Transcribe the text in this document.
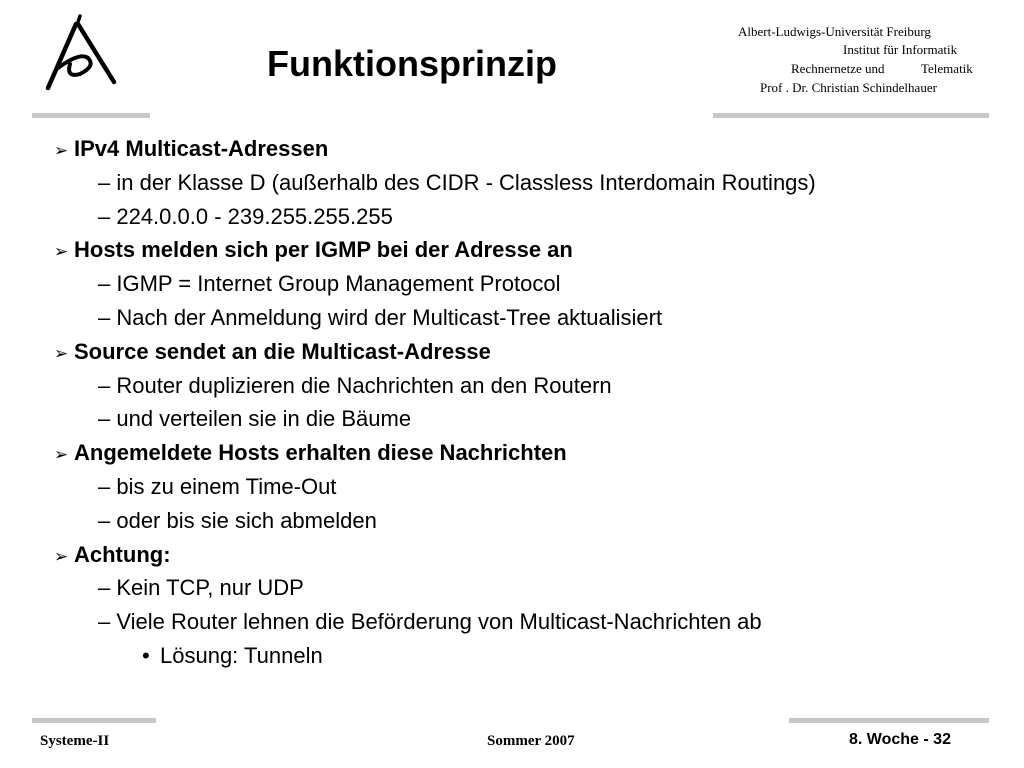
Funktionsprinzip
Albert-Ludwigs-Universität Freiburg
Institut für Informatik
Rechnernetze und	Telematik
Prof . Dr. Christian Schindelhauer
➢ IPv4 Multicast-Adressen
– in der Klasse D (außerhalb des CIDR - Classless Interdomain Routings)
– 224.0.0.0 - 239.255.255.255
➢ Hosts melden sich per IGMP bei der Adresse an
– IGMP = Internet Group Management Protocol
– Nach der Anmeldung wird der Multicast-Tree aktualisiert
➢ Source sendet an die Multicast-Adresse
– Router duplizieren die Nachrichten an den Routern
– und verteilen sie in die Bäume
➢ Angemeldete Hosts erhalten diese Nachrichten
– bis zu einem Time-Out
– oder bis sie sich abmelden
➢ Achtung:
– Kein TCP, nur UDP
– Viele Router lehnen die Beförderung von Multicast-Nachrichten ab
• Lösung: Tunneln
Systeme-II	Sommer 2007	8. Woche - 32
